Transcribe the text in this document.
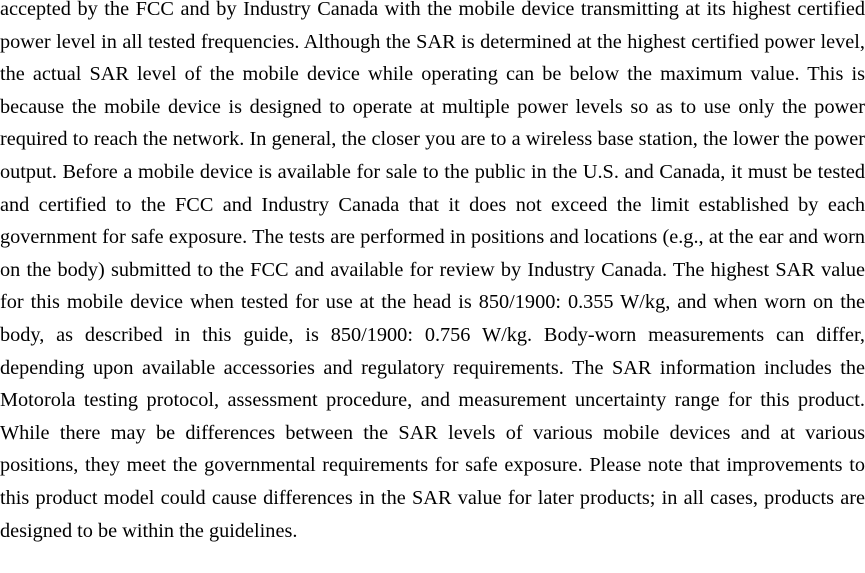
accepted by the FCC and by Industry Canada with the mobile device transmitting at its highest certified power level in all tested frequencies. Although the SAR is determined at the highest certified power level, the actual SAR level of the mobile device while operating can be below the maximum value. This is because the mobile device is designed to operate at multiple power levels so as to use only the power required to reach the network. In general, the closer you are to a wireless base station, the lower the power output. Before a mobile device is available for sale to the public in the U.S. and Canada, it must be tested and certified to the FCC and Industry Canada that it does not exceed the limit established by each government for safe exposure. The tests are performed in positions and locations (e.g., at the ear and worn on the body) submitted to the FCC and available for review by Industry Canada. The highest SAR value for this mobile device when tested for use at the head is 850/1900: 0.355 W/kg, and when worn on the body, as described in this guide, is 850/1900: 0.756 W/kg. Body-worn measurements can differ, depending upon available accessories and regulatory requirements. The SAR information includes the Motorola testing protocol, assessment procedure, and measurement uncertainty range for this product. While there may be differences between the SAR levels of various mobile devices and at various positions, they meet the governmental requirements for safe exposure. Please note that improvements to this product model could cause differences in the SAR value for later products; in all cases, products are designed to be within the guidelines.
